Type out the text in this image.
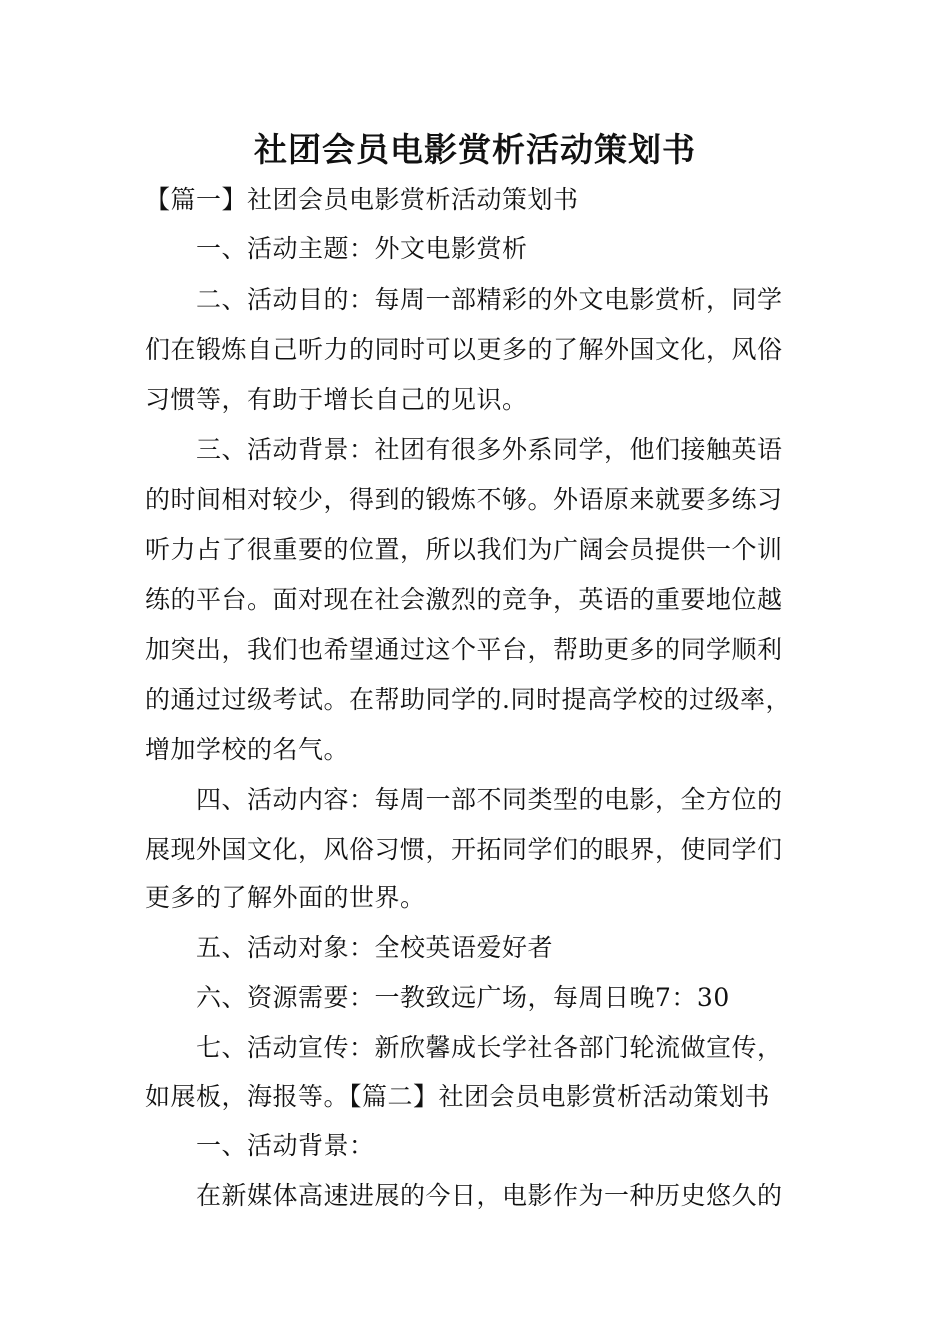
社团会员电影赏析活动策划书
【篇一】社团会员电影赏析活动策划书
一、活动主题：外文电影赏析
二、活动目的：每周一部精彩的外文电影赏析，同学
们在锻炼自己听力的同时可以更多的了解外国文化，风俗
习惯等，有助于增长自己的见识。
三、活动背景：社团有很多外系同学，他们接触英语
的时间相对较少，得到的锻炼不够。外语原来就要多练习
听力占了很重要的位置，所以我们为广阔会员提供一个训
练的平台。面对现在社会激烈的竞争，英语的重要地位越
加突出，我们也希望通过这个平台，帮助更多的同学顺利
的通过过级考试。在帮助同学的.同时提高学校的过级率，
增加学校的名气。
四、活动内容：每周一部不同类型的电影，全方位的
展现外国文化，风俗习惯，开拓同学们的眼界，使同学们
更多的了解外面的世界。
五、活动对象：全校英语爱好者
六、资源需要：一教致远广场，每周日晚7：30
七、活动宣传：新欣馨成长学社各部门轮流做宣传，
如展板，海报等。【篇二】社团会员电影赏析活动策划书
一、活动背景：
在新媒体高速进展的今日，电影作为一种历史悠久的
